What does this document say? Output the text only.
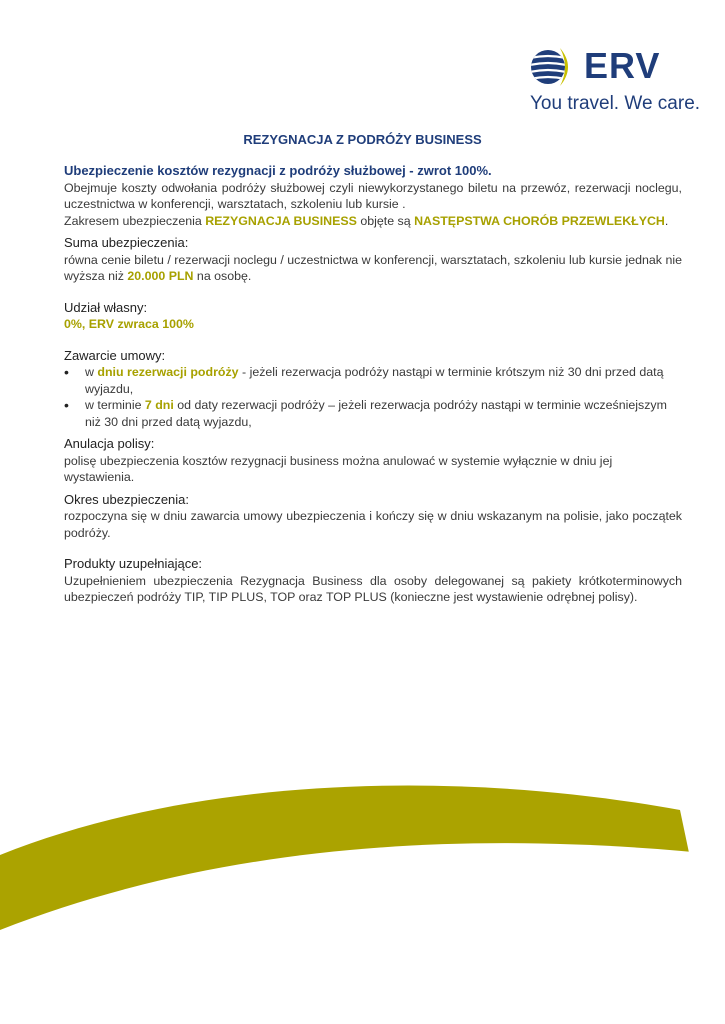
ERV
You travel. We care.
REZYGNACJA Z PODRÓŻY BUSINESS
Ubezpieczenie kosztów rezygnacji z podróży służbowej - zwrot 100%.
Obejmuje koszty odwołania podróży służbowej czyli niewykorzystanego biletu na przewóz, rezerwacji noclegu, uczestnictwa w konferencji, warsztatach, szkoleniu lub kursie .
Zakresem ubezpieczenia REZYGNACJA BUSINESS objęte są NASTĘPSTWA CHORÓB PRZEWLEKŁYCH.
Suma ubezpieczenia:
równa cenie biletu / rezerwacji noclegu / uczestnictwa w konferencji, warsztatach, szkoleniu lub kursie jednak nie wyższa niż 20.000 PLN na osobę.
Udział własny:
0%, ERV zwraca 100%
Zawarcie umowy:
• w dniu rezerwacji podróży - jeżeli rezerwacja podróży nastąpi w terminie krótszym niż 30 dni przed datą wyjazdu,
• w terminie 7 dni od daty rezerwacji podróży – jeżeli rezerwacja podróży nastąpi w terminie wcześniejszym niż 30 dni przed datą wyjazdu,
Anulacja polisy:
polisę ubezpieczenia kosztów rezygnacji business można anulować w systemie wyłącznie w dniu jej wystawienia.
Okres ubezpieczenia:
rozpoczyna się w dniu zawarcia umowy ubezpieczenia i kończy się w dniu wskazanym na polisie, jako początek podróży.
Produkty uzupełniające:
Uzupełnieniem ubezpieczenia Rezygnacja Business dla osoby delegowanej są pakiety krótkoterminowych ubezpieczeń podróży TIP, TIP PLUS, TOP oraz TOP PLUS (konieczne jest wystawienie odrębnej polisy).
